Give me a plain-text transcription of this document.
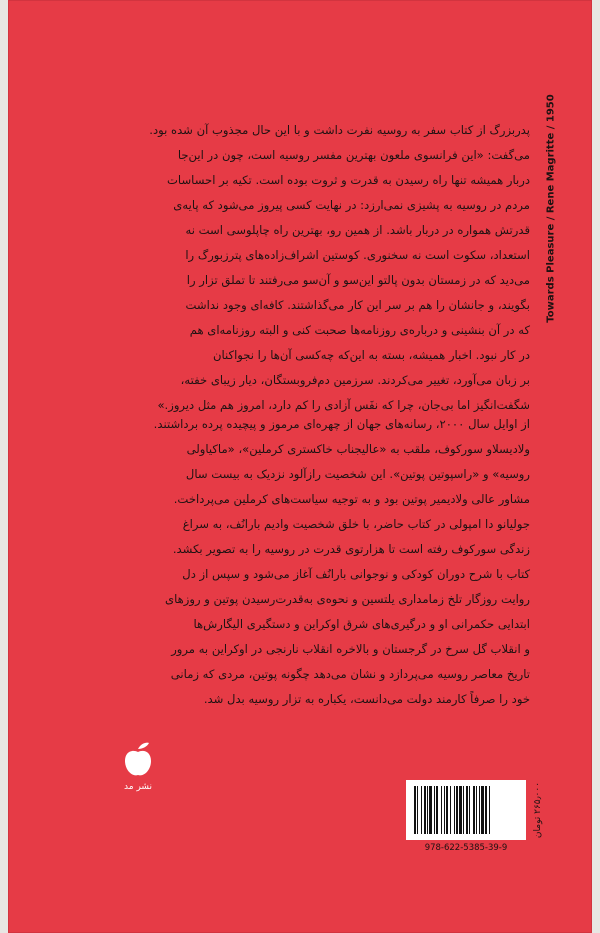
Towards Pleasure / Rene Magritte / 1950
پدربزرگ از کتاب سفر به روسیه نفرت داشت و با این حال مجذوب آن شده بود.
می‌گفت: «این فرانسوی ملعون بهترین مفسر روسیه است، چون در این‌جا
دربار همیشه تنها راه رسیدن به قدرت و ثروت بوده است. تکیه بر احساسات
مردم در روسیه به پشیزی نمی‌ارزد: در نهایت کسی پیروز می‌شود که پایه‌ی
قدرتش همواره در دربار باشد. از همین رو، بهترین راه چاپلوسی است نه
استعداد، سکوت است نه سخنوری. کوستین اشراف‌زاده‌های پترزبورگ را
می‌دید که در زمستان بدون پالتو این‌سو و آن‌سو می‌رفتند تا تملق تزار را
بگویند، و جانشان را هم بر سر این کار می‌گذاشتند. کافه‌ای وجود نداشت
که در آن بنشینی و درباره‌ی روزنامه‌ها صحبت کنی و البته روزنامه‌ای هم
در کار نبود. اخبار همیشه، بسته به این‌که چه‌کسی آن‌ها را نجواکنان
بر زبان می‌آورد، تغییر می‌کردند. سرزمین دم‌فروبستگان، دیار زیبای خفته،
شگفت‌انگیز اما بی‌جان، چرا که نفَس آزادی را کم دارد، امروز هم مثل دیروز.»
از اوایل سال ۲۰۰۰، رسانه‌های جهان از چهره‌ای مرموز و پیچیده پرده برداشتند.
ولادیسلاو سورکوف، ملقب به «عالیجناب خاکستری کرملین»، «ماکیاولی
روسیه» و «راسپوتین پوتین». این شخصیت رازآلود نزدیک به بیست سال
مشاور عالی ولادیمیر پوتین بود و به توجیه سیاست‌های کرملین می‌پرداخت.
جولیانو دا امپولی در کتاب حاضر، با خلق شخصیت وادیم بارانُف، به سراغ
زندگی سورکوف رفته است تا هزارتوی قدرت در روسیه را به تصویر بکشد.
کتاب با شرح دوران کودکی و نوجوانی بارانُف آغاز می‌شود و سپس از دل
روایت روزگار تلخ زمامداری یلتسین و نحوه‌ی به‌قدرت‌رسیدن پوتین و روزهای
ابتدایی حکمرانی او و درگیری‌های شرق اوکراین و دستگیری الیگارش‌ها
و انقلاب گل سرخ در گرجستان و بالاخره انقلاب نارنجی در اوکراین به مرور
تاریخ معاصر روسیه می‌پردازد و نشان می‌دهد چگونه پوتین، مردی که زمانی
خود را صرفاً کارمند دولت می‌دانست، یکباره به تزار روسیه بدل شد.
نشر مد
۲۶۵٫۰۰۰ تومان
978-622-5385-39-9
